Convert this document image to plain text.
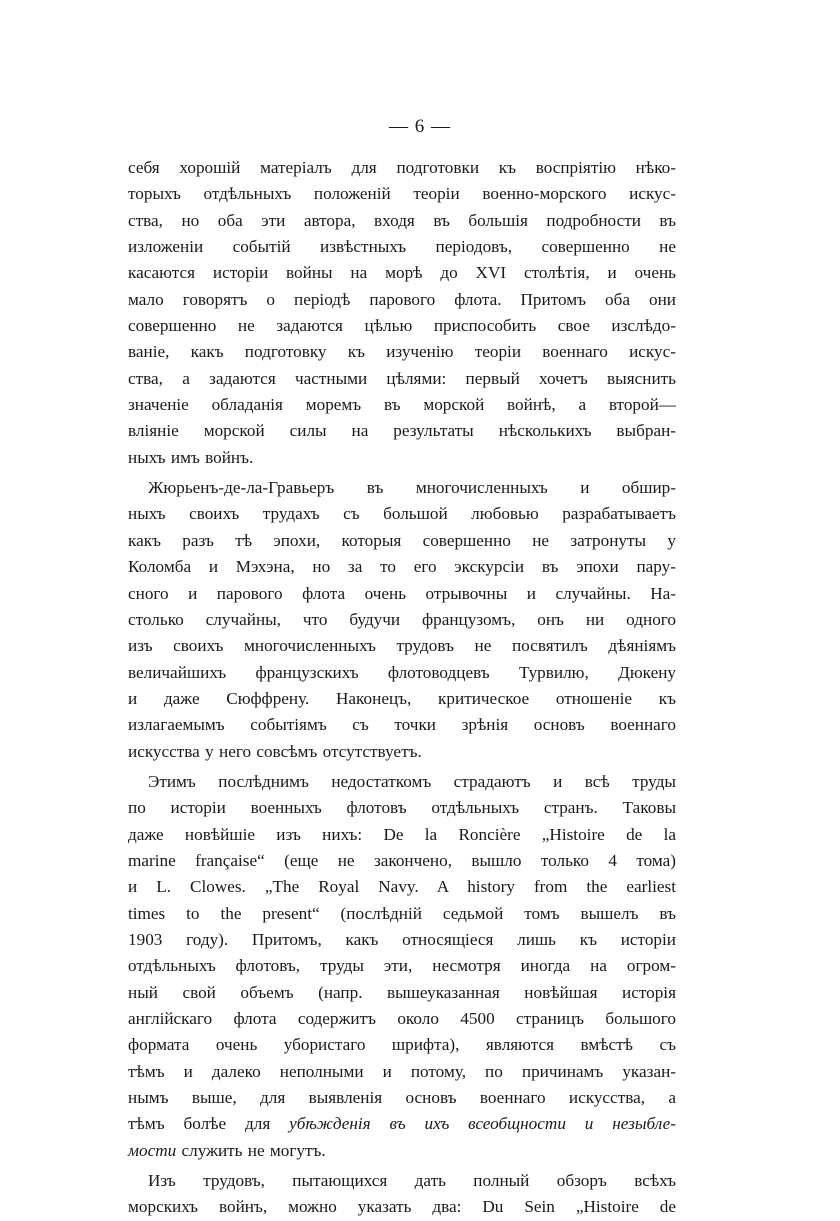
— 6 —
себя хорошій матеріалъ для подготовки къ воспріятію нѣко-
торыхъ отдѣльныхъ положеній теоріи военно-морского искус-
ства, но оба эти автора, входя въ большія подробности въ
изложеніи событій извѣстныхъ періодовъ, совершенно не
касаются исторіи войны на морѣ до XVI столѣтія, и очень
мало говорятъ о періодѣ парового флота. Притомъ оба они
совершенно не задаются цѣлью приспособить свое изслѣдо-
ваніе, какъ подготовку къ изученію теоріи военнаго искус-
ства, а задаются частными цѣлями: первый хочетъ выяснить
значеніе обладанія моремъ въ морской войнѣ, а второй—
вліяніе морской силы на результаты нѣсколькихъ выбран-
ныхъ имъ войнъ.
Жюрьенъ-де-ла-Гравьеръ въ многочисленныхъ и обшир-
ныхъ своихъ трудахъ съ большой любовью разрабатываетъ
какъ разъ тѣ эпохи, которыя совершенно не затронуты у
Коломба и Мэхэна, но за то его экскурсіи въ эпохи пару-
сного и парового флота очень отрывочны и случайны. На-
столько случайны, что будучи французомъ, онъ ни одного
изъ своихъ многочисленныхъ трудовъ не посвятилъ дѣяніямъ
величайшихъ французскихъ флотоводцевъ Турвилю, Дюкену
и даже Сюффрену. Наконецъ, критическое отношеніе къ
излагаемымъ событіямъ съ точки зрѣнія основъ военнаго
искусства у него совсѣмъ отсутствуетъ.
Этимъ послѣднимъ недостаткомъ страдаютъ и всѣ труды
по исторіи военныхъ флотовъ отдѣльныхъ странъ. Таковы
даже новѣйшіе изъ нихъ: De la Roncière „Histoire de la
marine française“ (еще не закончено, вышло только 4 тома)
и L. Clowes. „The Royal Navy. A history from the earliest
times to the present“ (послѣдній седьмой томъ вышелъ въ
1903 году). Притомъ, какъ относящіеся лишь къ исторіи
отдѣльныхъ флотовъ, труды эти, несмотря иногда на огром-
ный свой объемъ (напр. вышеуказанная новѣйшая исторія
англійскаго флота содержитъ около 4500 страницъ большого
формата очень убористаго шрифта), являются вмѣстѣ съ
тѣмъ и далеко неполными и потому, по причинамъ указан-
нымъ выше, для выявленія основъ военнаго искусства, а
тѣмъ болѣе для убѣжденія въ ихъ всеобщности и незыбле-
мости служить не могутъ.
Изъ трудовъ, пытающихся дать полный обзоръ всѣхъ
морскихъ войнъ, можно указать два: Du Sein „Histoire de
